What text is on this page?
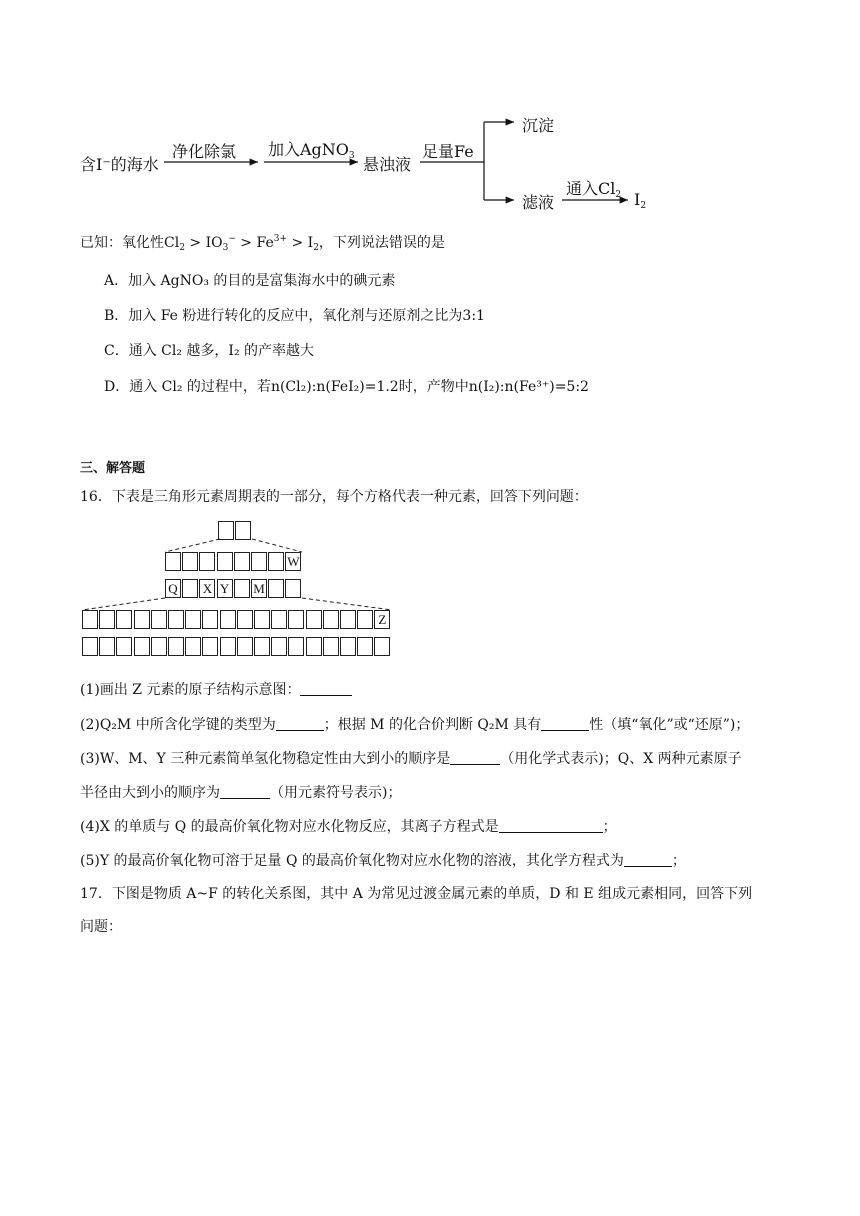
含I⁻的海水
净化除氯 加入AgNO$_3$ 悬浊液
足量Fe
沉淀
滤液
通入$Cl_2$ $I_2$
已知：氧化性$Cl_2 > IO_3^- > Fe^{3+} > I_2$，下列说法错误的是
A．加入 AgNO₃ 的目的是富集海水中的碘元素
B．加入 Fe 粉进行转化的反应中，氧化剂与还原剂之比为3:1
C．通入 Cl₂ 越多，I₂ 的产率越大
D．通入 Cl₂ 的过程中，若n(Cl₂):n(FeI₂)=1.2时，产物中n(I₂):n(Fe³⁺)=5:2
三、解答题
16．下表是三角形元素周期表的一部分，每个方格代表一种元素，回答下列问题：
W
Q X Y M
Z
(1)画出 Z 元素的原子结构示意图：
(2)Q₂M 中所含化学键的类型为	；根据 M 的化合价判断 Q₂M 具有	性（填“氧化”或“还原”)；
(3)W、M、Y 三种元素简单氢化物稳定性由大到小的顺序是	（用化学式表示)；Q、X 两种元素原子
半径由大到小的顺序为	（用元素符号表示)；
(4)X 的单质与 Q 的最高价氧化物对应水化物反应，其离子方程式是	；
(5)Y 的最高价氧化物可溶于足量 Q 的最高价氧化物对应水化物的溶液，其化学方程式为	；
17．下图是物质 A~F 的转化关系图，其中 A 为常见过渡金属元素的单质，D 和 E 组成元素相同，回答下列
问题：
